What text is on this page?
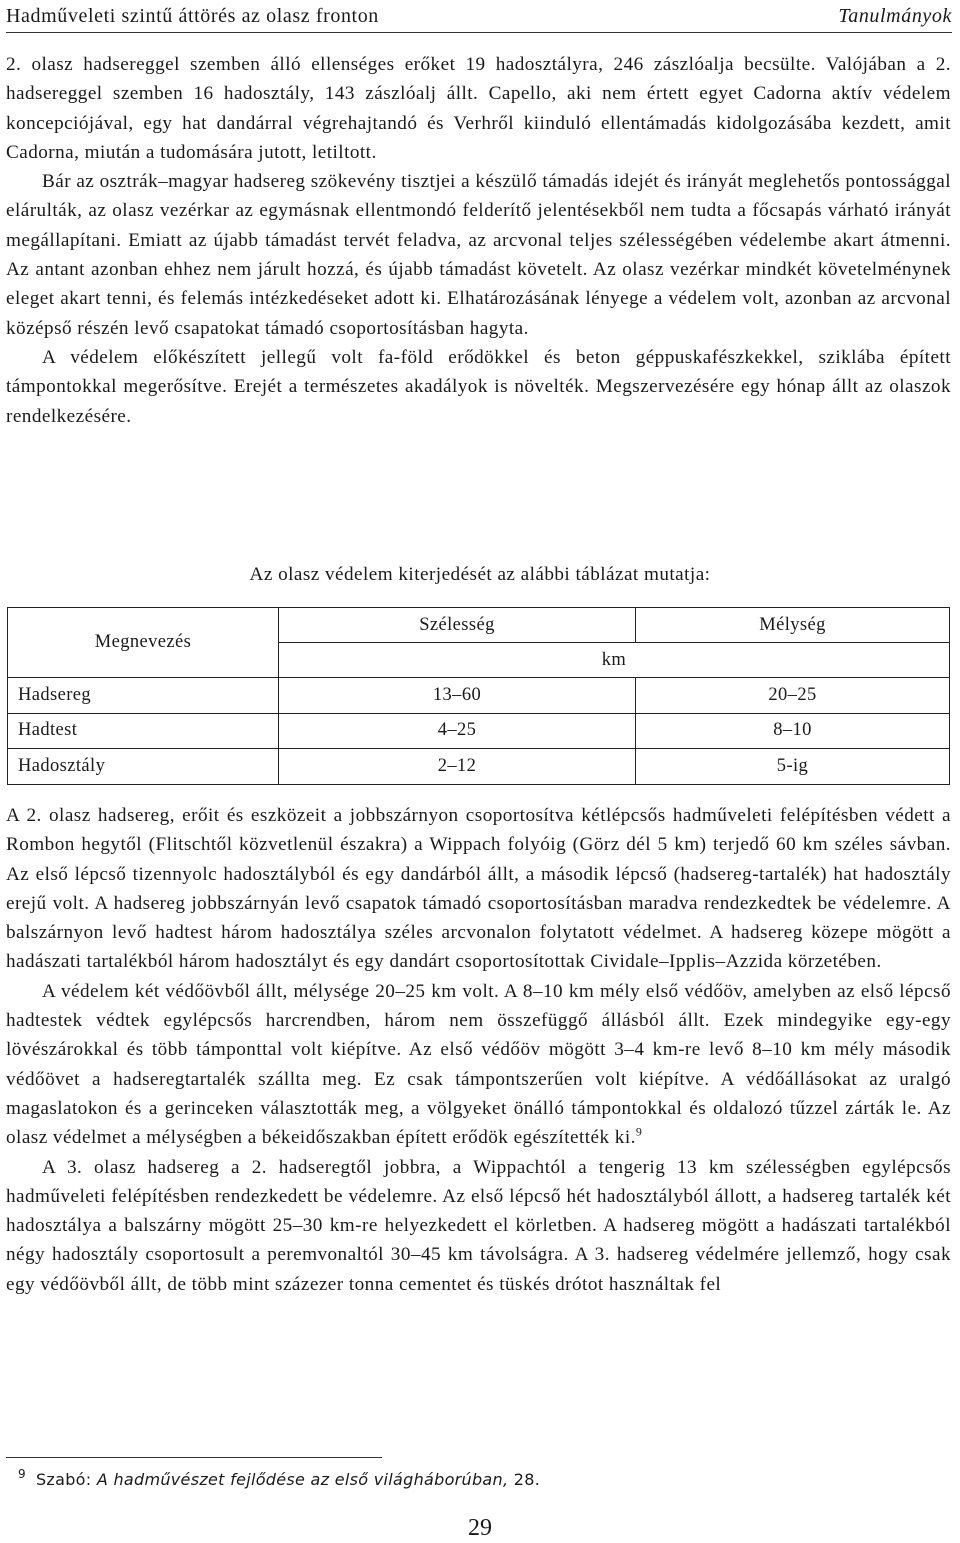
Hadműveleti szintű áttörés az olasz fronton	Tanulmányok

2. olasz hadsereggel szemben álló ellenséges erőket 19 hadosztályra, 246 zászlóalja becsülte. Valójában a 2. hadsereggel szemben 16 hadosztály, 143 zászlóalj állt. Capello, aki nem értett egyet Cadorna aktív védelem koncepciójával, egy hat dandárral végrehajtandó és Verhről kiinduló ellentámadás kidolgozásába kezdett, amit Cadorna, miután a tudomására jutott, letiltott.

Bár az osztrák–magyar hadsereg szökevény tisztjei a készülő támadás idejét és irányát meglehetős pontossággal elárulták, az olasz vezérkar az egymásnak ellentmondó felderítő jelentésekből nem tudta a főcsapás várható irányát megállapítani. Emiatt az újabb támadást tervét feladva, az arcvonal teljes szélességében védelembe akart átmenni. Az antant azonban ehhez nem járult hozzá, és újabb támadást követelt. Az olasz vezérkar mindkét követelménynek eleget akart tenni, és felemás intézkedéseket adott ki. Elhatározásának lényege a védelem volt, azonban az arcvonal középső részén levő csapatokat támadó csoportosításban hagyta.

A védelem előkészített jellegű volt fa-föld erődökkel és beton géppuskafészkekkel, sziklába épített támpontokkal megerősítve. Erejét a természetes akadályok is növelték. Megszervezésére egy hónap állt az olaszok rendelkezésére.

Az olasz védelem kiterjedését az alábbi táblázat mutatja:
Megnevezés	Szélesség	Mélység
	km	
Hadsereg	13–60	20–25
Hadtest	4–25	8–10
Hadosztály	2–12	5-ig

A 2. olasz hadsereg, erőit és eszközeit a jobbszárnyon csoportosítva kétlépcsős hadműveleti felépítésben védett a Rombon hegytől (Flitschtől közvetlenül északra) a Wippach folyóig (Görz dél 5 km) terjedő 60 km széles sávban. Az első lépcső tizennyolc hadosztályból és egy dandárból állt, a második lépcső (hadsereg-tartalék) hat hadosztály erejű volt. A hadsereg jobbszárnyán levő csapatok támadó csoportosításban maradva rendezkedtek be védelemre. A balszárnyon levő hadtest három hadosztálya széles arcvonalon folytatott védelmet. A hadsereg közepe mögött a hadászati tartalékból három hadosztályt és egy dandárt csoportosítottak Cividale–Ipplis–Azzida körzetében.

A védelem két védőövből állt, mélysége 20–25 km volt. A 8–10 km mély első védőöv, amelyben az első lépcső hadtestek védtek egylépcsős harcrendben, három nem összefüggő állásból állt. Ezek mindegyike egy-egy lövészárokkal és több támponttal volt kiépítve. Az első védőöv mögött 3–4 km-re levő 8–10 km mély második védőövet a hadseregtartalék szállta meg. Ez csak támpontszerűen volt kiépítve. A védőállásokat az uralgó magaslatokon és a gerinceken választották meg, a völgyeket önálló támpontokkal és oldalozó tűzzel zárták le. Az olasz védelmet a mélységben a békeidőszakban épített erődök egészítették ki.$^9$

A 3. olasz hadsereg a 2. hadseregtől jobbra, a Wippachtól a tengerig 13 km szélességben egylépcsős hadműveleti felépítésben rendezkedett be védelemre. Az első lépcső hét hadosztályból állott, a hadsereg tartalék két hadosztálya a balszárny mögött 25–30 km-re helyezkedett el körletben. A hadsereg mögött a hadászati tartalékból négy hadosztály csoportosult a peremvonaltól 30–45 km távolságra. A 3. hadsereg védelmére jellemző, hogy csak egy védőövből állt, de több mint százezer tonna cementet és tüskés drótot használtak fel

$^9$ Szabó: A hadművészet fejlődése az első világháborúban, 28.
29
